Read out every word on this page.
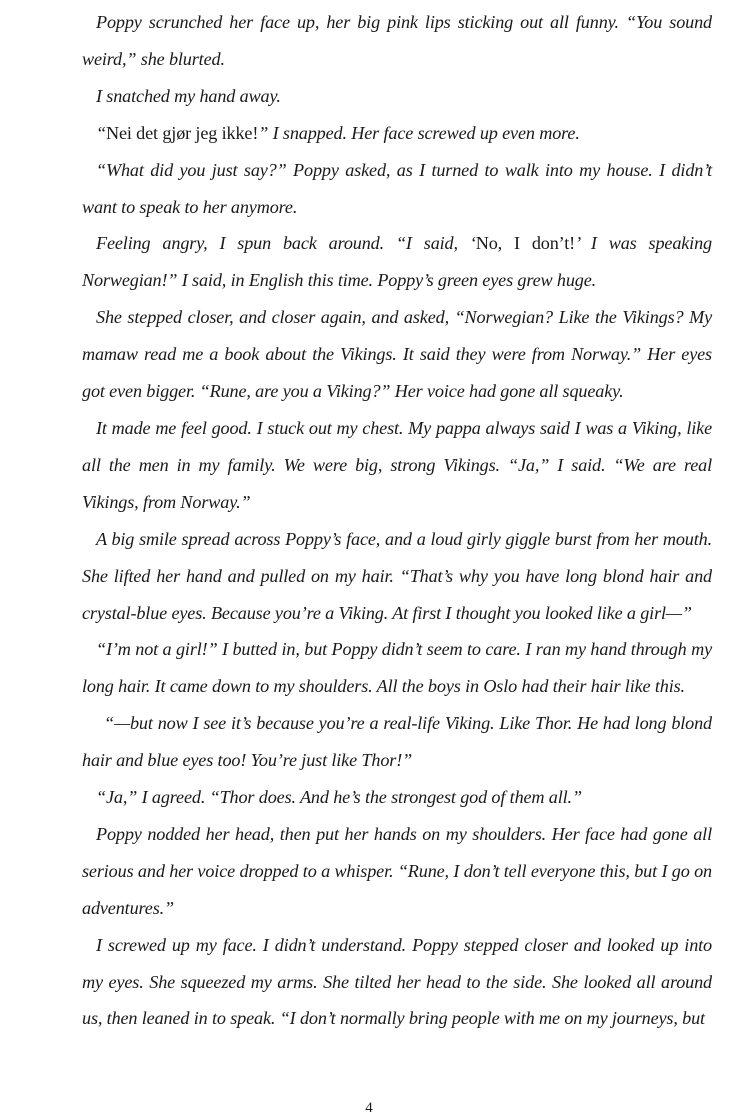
Poppy scrunched her face up, her big pink lips sticking out all funny. “You sound weird,” she blurted.

I snatched my hand away.

“Nei det gjør jeg ikke!” I snapped. Her face screwed up even more.

“What did you just say?” Poppy asked, as I turned to walk into my house. I didn’t want to speak to her anymore.

Feeling angry, I spun back around. “I said, ‘No, I don’t!’ I was speaking Norwegian!” I said, in English this time. Poppy’s green eyes grew huge.

She stepped closer, and closer again, and asked, “Norwegian? Like the Vikings? My mamaw read me a book about the Vikings. It said they were from Norway.” Her eyes got even bigger. “Rune, are you a Viking?” Her voice had gone all squeaky.

It made me feel good. I stuck out my chest. My pappa always said I was a Viking, like all the men in my family. We were big, strong Vikings. “Ja,” I said. “We are real Vikings, from Norway.”

A big smile spread across Poppy’s face, and a loud girly giggle burst from her mouth. She lifted her hand and pulled on my hair. “That’s why you have long blond hair and crystal-blue eyes. Because you’re a Viking. At first I thought you looked like a girl—”

“I’m not a girl!” I butted in, but Poppy didn’t seem to care. I ran my hand through my long hair. It came down to my shoulders. All the boys in Oslo had their hair like this.

“—but now I see it’s because you’re a real-life Viking. Like Thor. He had long blond hair and blue eyes too! You’re just like Thor!”

“Ja,” I agreed. “Thor does. And he’s the strongest god of them all.”

Poppy nodded her head, then put her hands on my shoulders. Her face had gone all serious and her voice dropped to a whisper. “Rune, I don’t tell everyone this, but I go on adventures.”

I screwed up my face. I didn’t understand. Poppy stepped closer and looked up into my eyes. She squeezed my arms. She tilted her head to the side. She looked all around us, then leaned in to speak. “I don’t normally bring people with me on my journeys, but

4
